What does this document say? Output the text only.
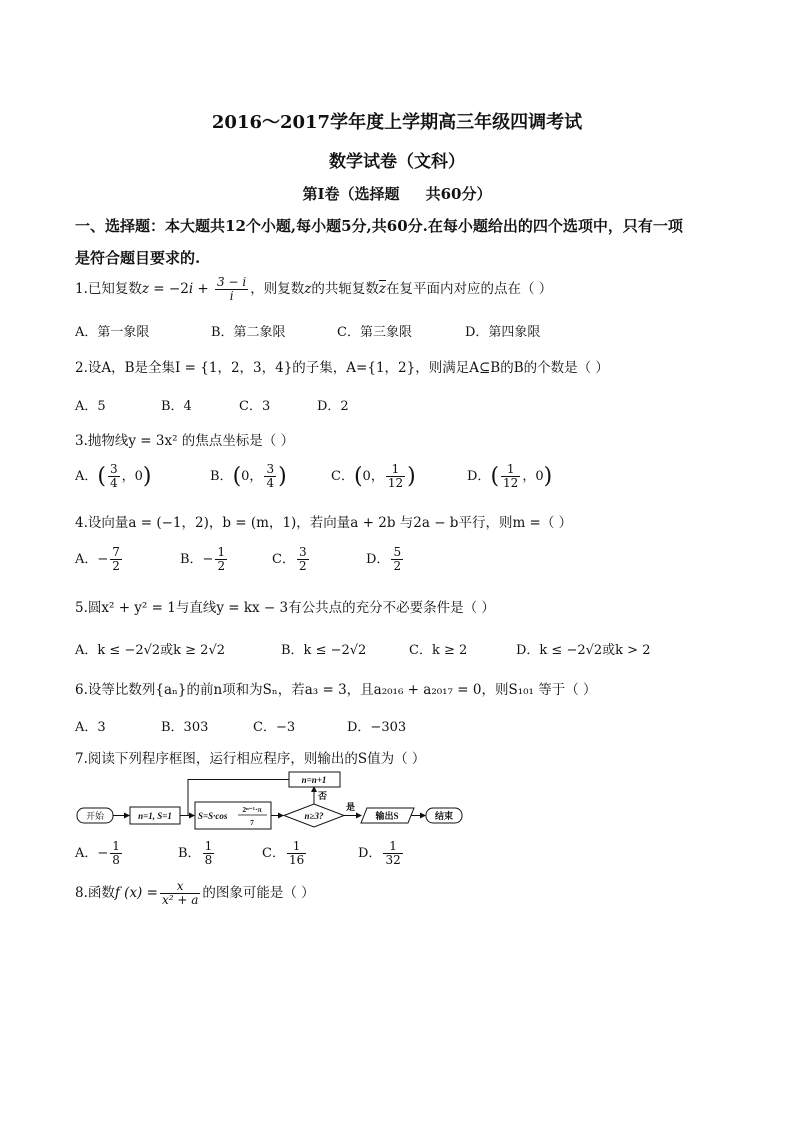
2016～2017学年度上学期高三年级四调考试
数学试卷（文科）
第Ⅰ卷（选择题     共60分）
一、选择题：本大题共12个小题,每小题5分,共60分.在每小题给出的四个选项中，只有一项
是符合题目要求的.
1.已知复数$z = -2i + \frac{3 - i}{i}$ ，则复数z的共轭复数$\overline{z}$在复平面内对应的点在（ ）
A．第一象限	B．第二象限	C．第三象限	D．第四象限
2.设A，B是全集I = {1，2，3，4}的子集，A={1，2}，则满足A⊆B的B的个数是（ ）
A．5	B．4	C．3	D．2
3.抛物线y = 3x² 的焦点坐标是（ ）
A．( $\frac{3}{4}$ ，0)	B．(0， $\frac{3}{4}$ )	C．(0， $\frac{1}{12}$ )	D．( $\frac{1}{12}$ ，0)
4.设向量a = (−1，2)，b = (m，1)，若向量a + 2b 与2a − b平行，则m =（ ）
A．− $\frac{7}{2}$	B．− $\frac{1}{2}$	C． $\frac{3}{2}$	D． $\frac{5}{2}$
5.圆x² + y² = 1与直线y = kx − 3有公共点的充分不必要条件是（ ）
A．k ≤ −2√2或k ≥ 2√2	B．k ≤ −2√2	C．k ≥ 2	D．k ≤ −2√2或k > 2
6.设等比数列{aₙ}的前n项和为Sₙ，若a₃ = 3，且a₂₀₁₆ + a₂₀₁₇ = 0，则S₁₀₁ 等于（ ）
A．3	B．303	C．−3	D．−303
7.阅读下列程序框图，运行相应程序，则输出的S值为（ ）
开始	n=1, S=1	S=S·cos
2ⁿ⁻¹·π
7
n≥3?
否
n=n+1
是
输出S	结束
A．− $\frac{1}{8}$	B． $\frac{1}{8}$	C． $\frac{1}{16}$	D． $\frac{1}{32}$
8.函数f $(x) = \frac{x}{\text{x² + a}}$ 的图象可能是（ ）
